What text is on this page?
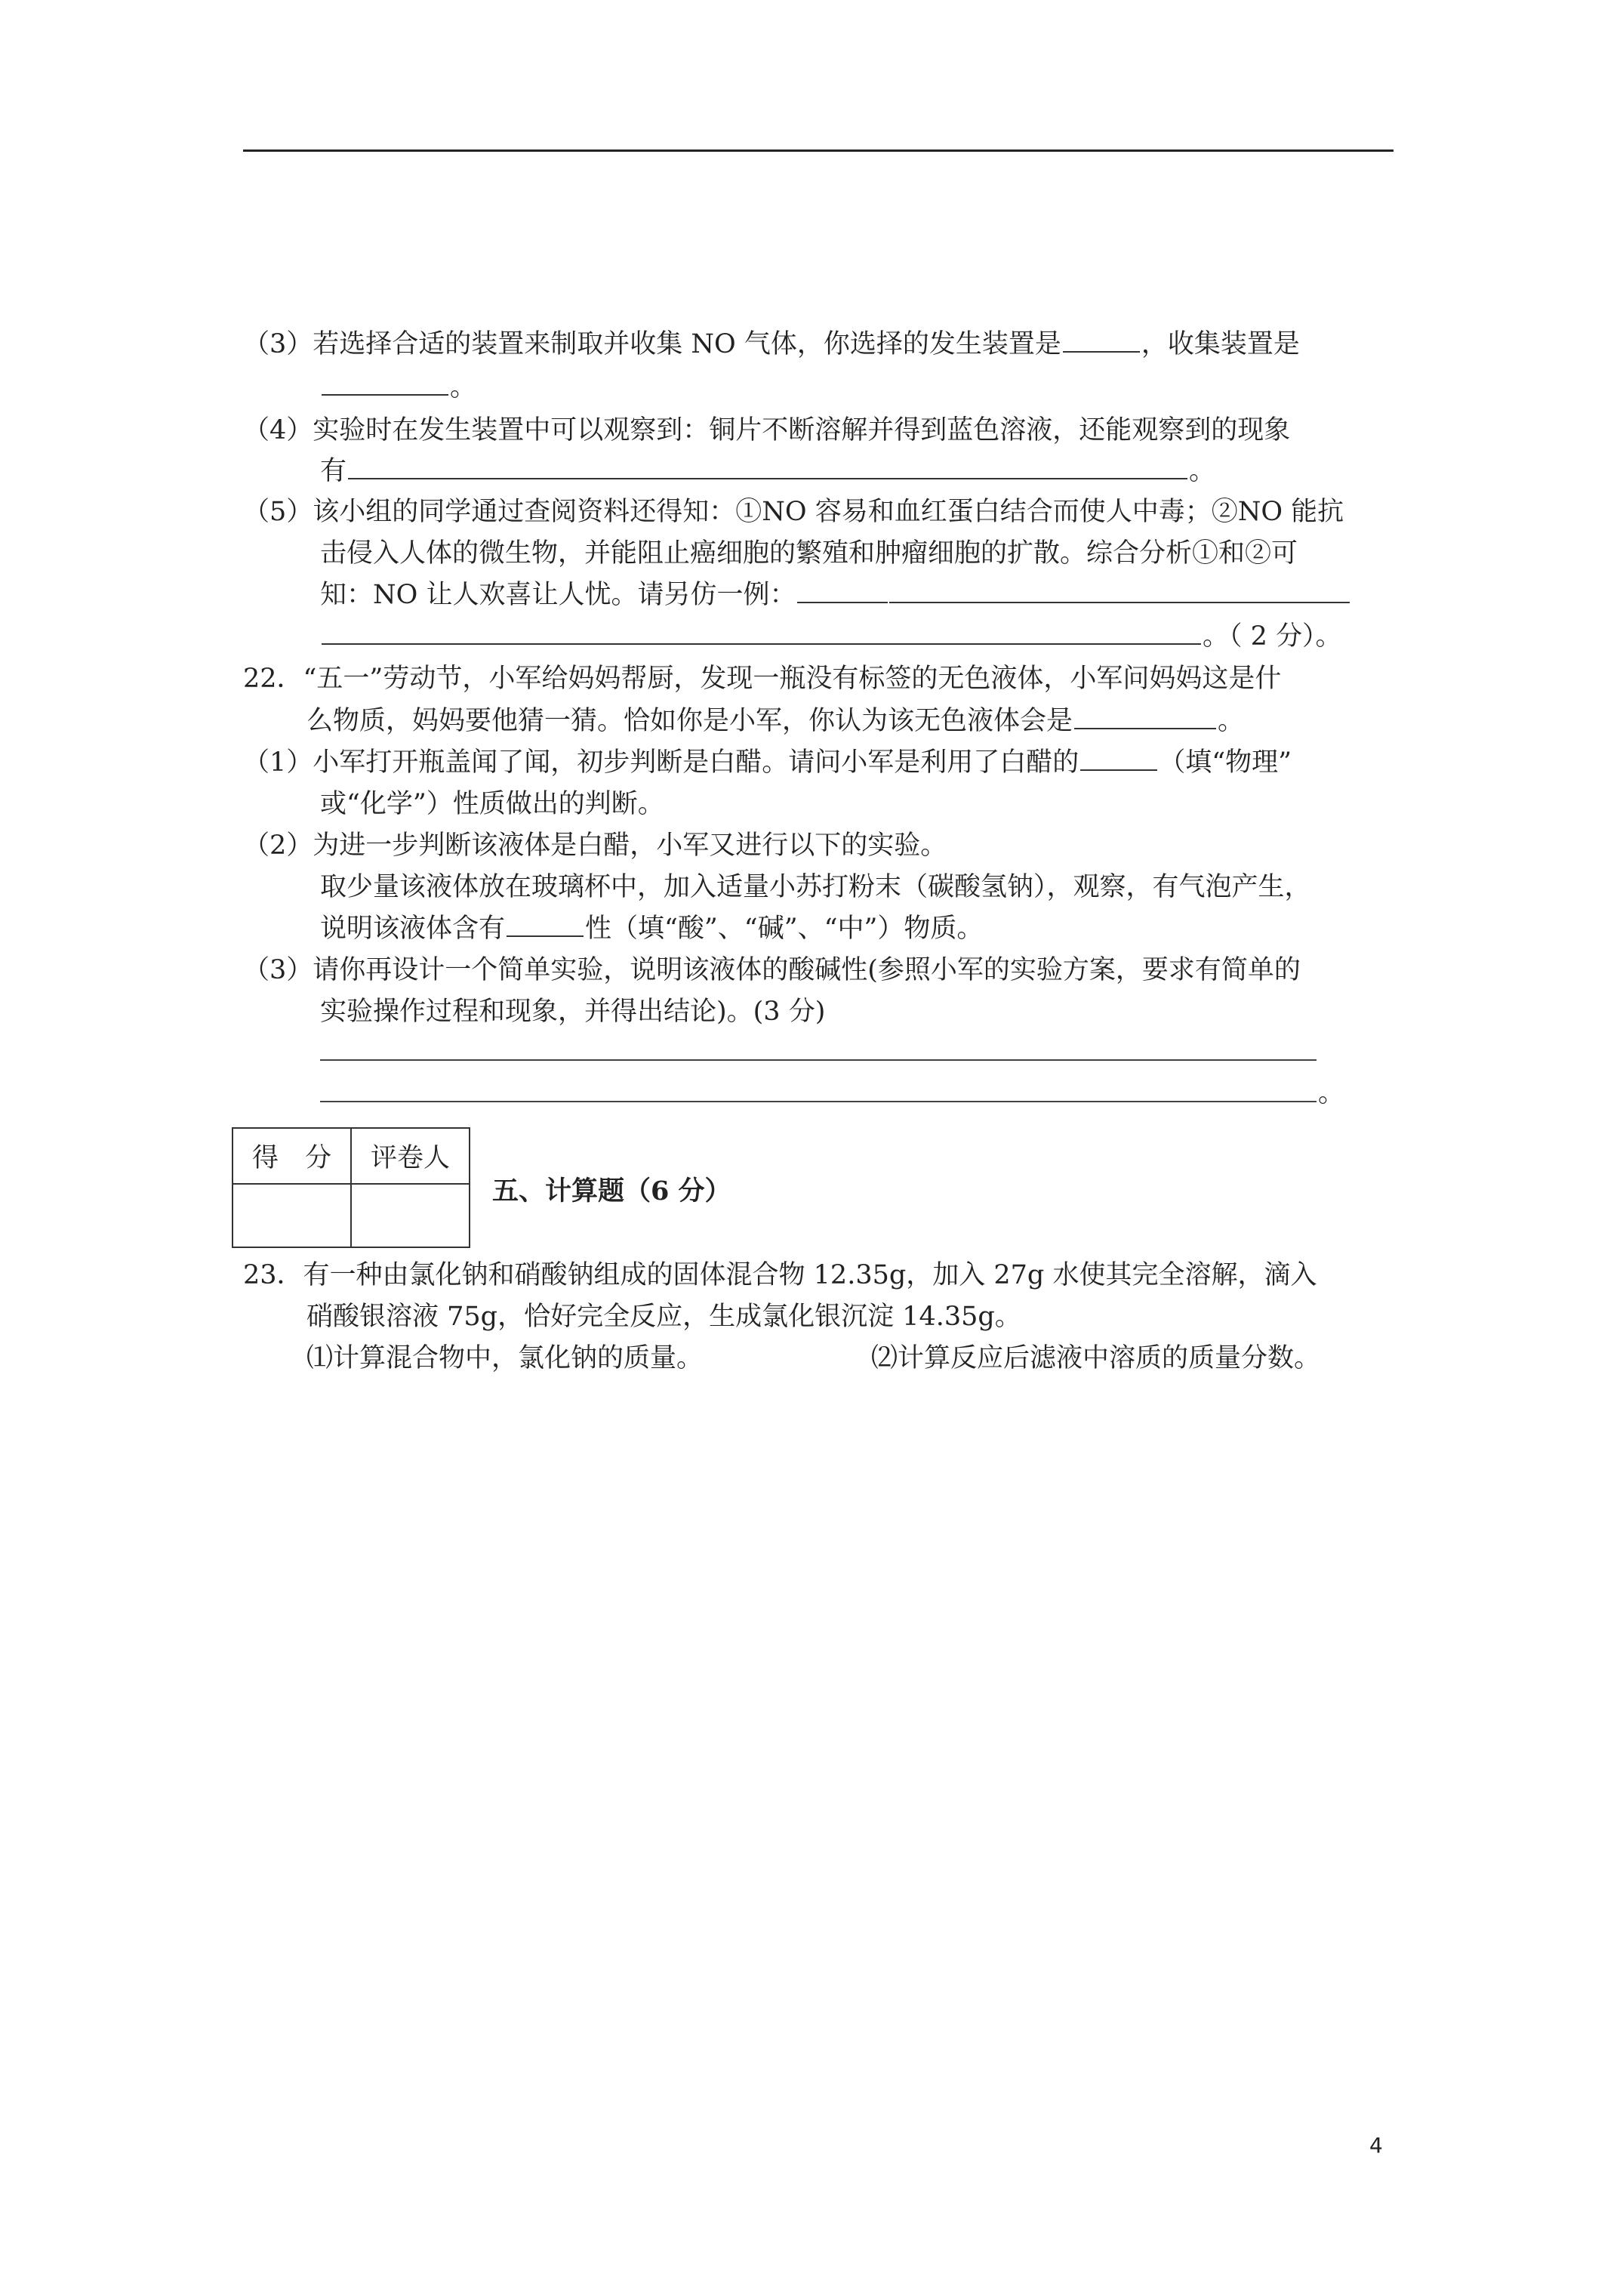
（3）若选择合适的装置来制取并收集 NO 气体，你选择的发生装置是	，收集装置是
。
（4）实验时在发生装置中可以观察到：铜片不断溶解并得到蓝色溶液，还能观察到的现象
有	。
（5）该小组的同学通过查阅资料还得知：①NO 容易和血红蛋白结合而使人中毒；②NO 能抗
击侵入人体的微生物，并能阻止癌细胞的繁殖和肿瘤细胞的扩散。综合分析①和②可
知：NO 让人欢喜让人忧。请另仿一例：
。（ 2 分）。
22．“五一”劳动节，小军给妈妈帮厨，发现一瓶没有标签的无色液体，小军问妈妈这是什
么物质，妈妈要他猜一猜。恰如你是小军，你认为该无色液体会是	。
（1）小军打开瓶盖闻了闻，初步判断是白醋。请问小军是利用了白醋的	（填“物理”
或“化学”）性质做出的判断。
（2）为进一步判断该液体是白醋，小军又进行以下的实验。
取少量该液体放在玻璃杯中，加入适量小苏打粉末（碳酸氢钠），观察，有气泡产生，
说明该液体含有	性（填“酸”、“碱”、“中”）物质。
（3）请你再设计一个简单实验，说明该液体的酸碱性(参照小军的实验方案，要求有简单的
实验操作过程和现象，并得出结论)。(3 分)
。
得　分	评卷人

五、计算题（6 分）
23．有一种由氯化钠和硝酸钠组成的固体混合物 12.35g，加入 27g 水使其完全溶解，滴入
硝酸银溶液 75g，恰好完全反应，生成氯化银沉淀 14.35g。
⑴计算混合物中，氯化钠的质量。	⑵计算反应后滤液中溶质的质量分数。
4
